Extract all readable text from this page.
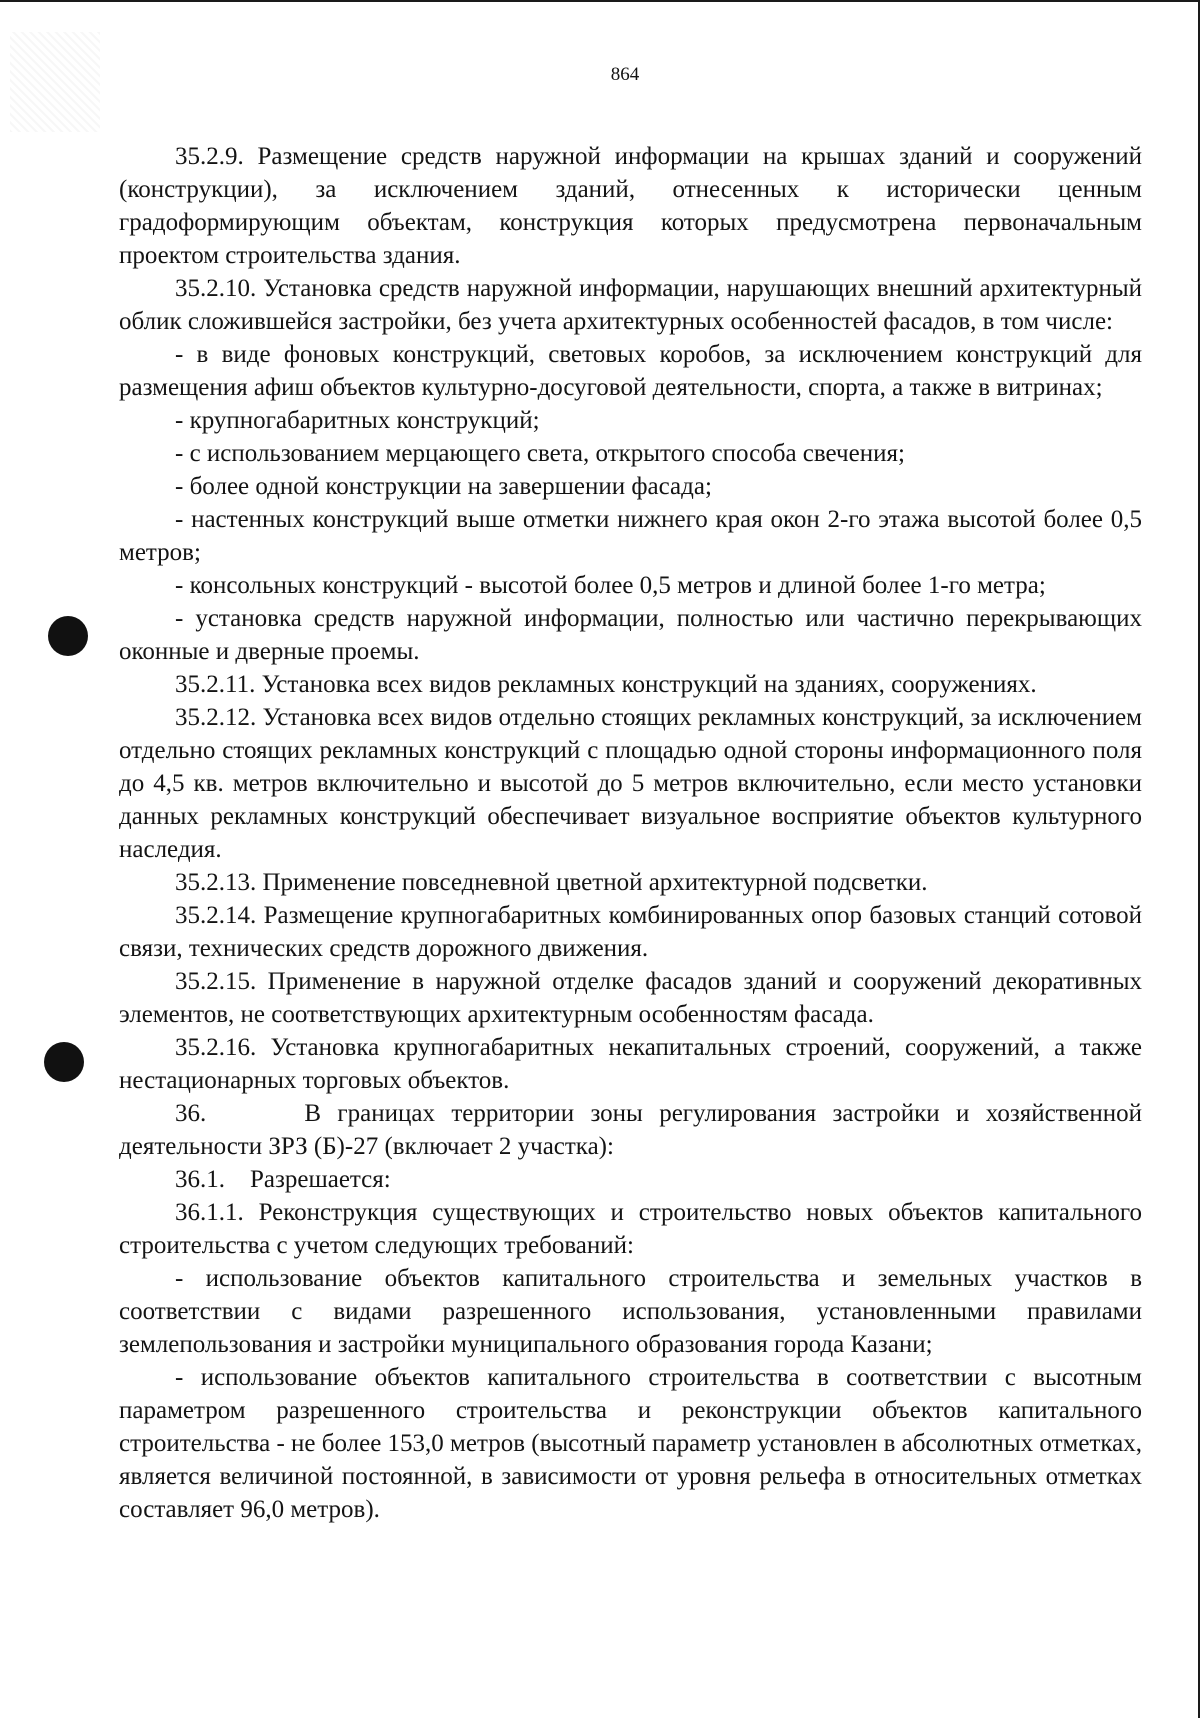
864

35.2.9. Размещение средств наружной информации на крышах зданий и сооружений (конструкции), за исключением зданий, отнесенных к исторически ценным градоформирующим объектам, конструкция которых предусмотрена первоначальным проектом строительства здания.

35.2.10. Установка средств наружной информации, нарушающих внешний архитектурный облик сложившейся застройки, без учета архитектурных особенностей фасадов, в том числе:

- в виде фоновых конструкций, световых коробов, за исключением конструкций для размещения афиш объектов культурно-досуговой деятельности, спорта, а также в витринах;

- крупногабаритных конструкций;

- с использованием мерцающего света, открытого способа свечения;

- более одной конструкции на завершении фасада;

- настенных конструкций выше отметки нижнего края окон 2-го этажа высотой более 0,5 метров;

- консольных конструкций - высотой более 0,5 метров и длиной более 1-го метра;

- установка средств наружной информации, полностью или частично перекрывающих оконные и дверные проемы.

35.2.11. Установка всех видов рекламных конструкций на зданиях, сооружениях.

35.2.12. Установка всех видов отдельно стоящих рекламных конструкций, за исключением отдельно стоящих рекламных конструкций с площадью одной стороны информационного поля до 4,5 кв. метров включительно и высотой до 5 метров включительно, если место установки данных рекламных конструкций обеспечивает визуальное восприятие объектов культурного наследия.

35.2.13. Применение повседневной цветной архитектурной подсветки.

35.2.14. Размещение крупногабаритных комбинированных опор базовых станций сотовой связи, технических средств дорожного движения.

35.2.15. Применение в наружной отделке фасадов зданий и сооружений декоративных элементов, не соответствующих архитектурным особенностям фасада.

35.2.16. Установка крупногабаритных некапитальных строений, сооружений, а также нестационарных торговых объектов.

36.      В границах территории зоны регулирования застройки и хозяйственной деятельности ЗРЗ (Б)-27 (включает 2 участка):

36.1.    Разрешается:

36.1.1. Реконструкция существующих и строительство новых объектов капитального строительства с учетом следующих требований:

- использование объектов капитального строительства и земельных участков в соответствии с видами разрешенного использования, установленными правилами землепользования и застройки муниципального образования города Казани;

- использование объектов капитального строительства в соответствии с высотным параметром разрешенного строительства и реконструкции объектов капитального строительства - не более 153,0 метров (высотный параметр установлен в абсолютных отметках, является величиной постоянной, в зависимости от уровня рельефа в относительных отметках составляет 96,0 метров).
